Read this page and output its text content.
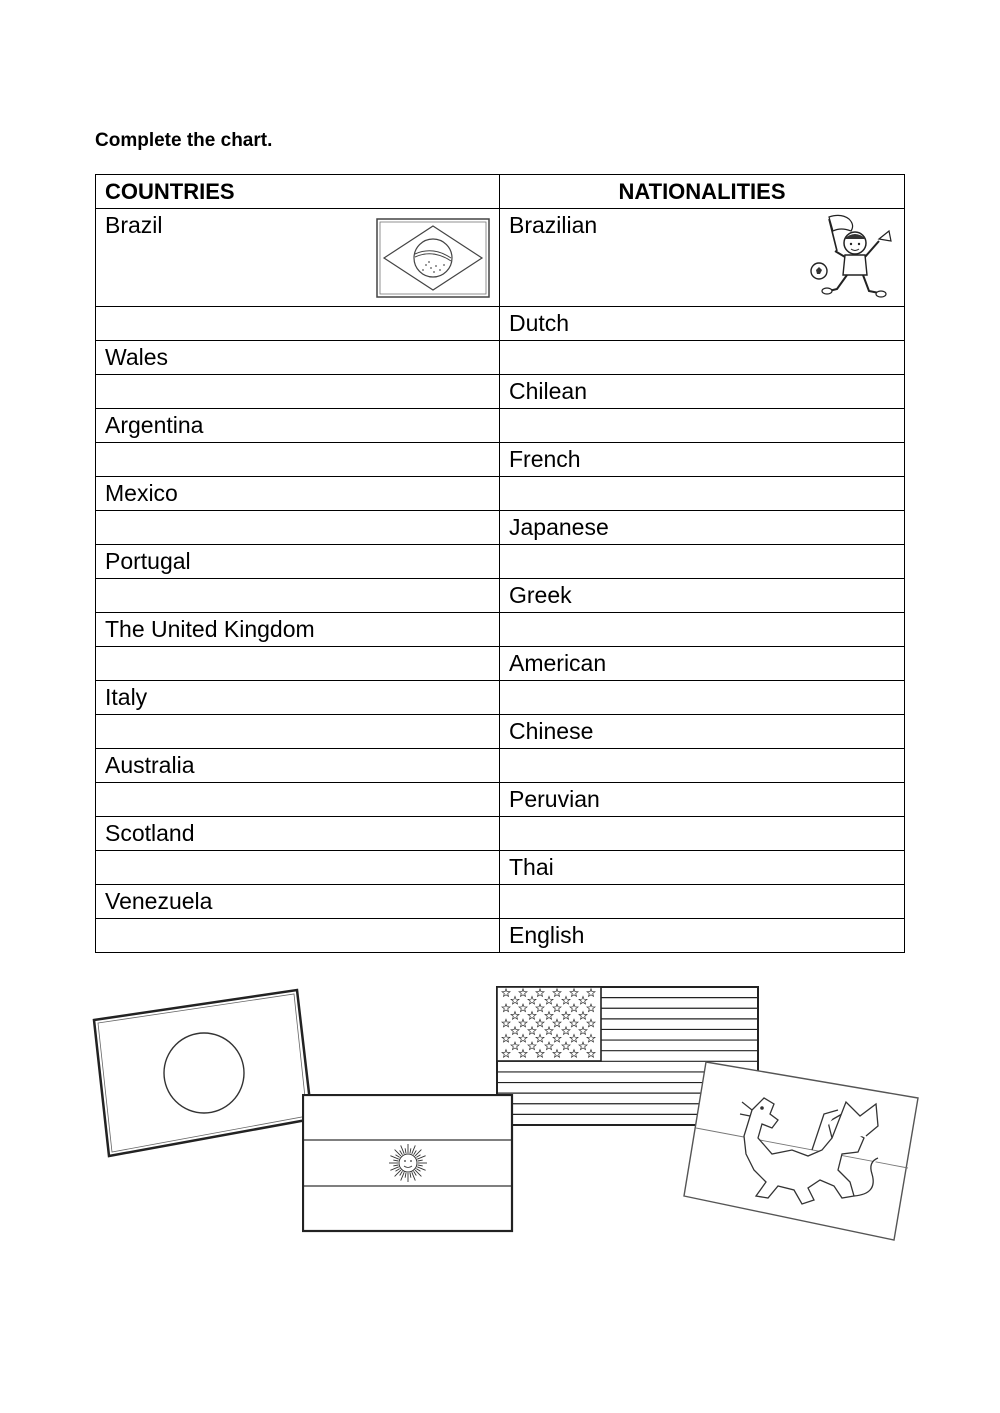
Complete the chart.
COUNTRIES	NATIONALITIES

Brazil	Brazilian

	Dutch
Wales	
	Chilean
Argentina	
	French
Mexico	
	Japanese
Portugal	
	Greek
The United Kingdom	
	American
Italy	
	Chinese
Australia	
	Peruvian
Scotland	
	Thai
Venezuela	
	English
